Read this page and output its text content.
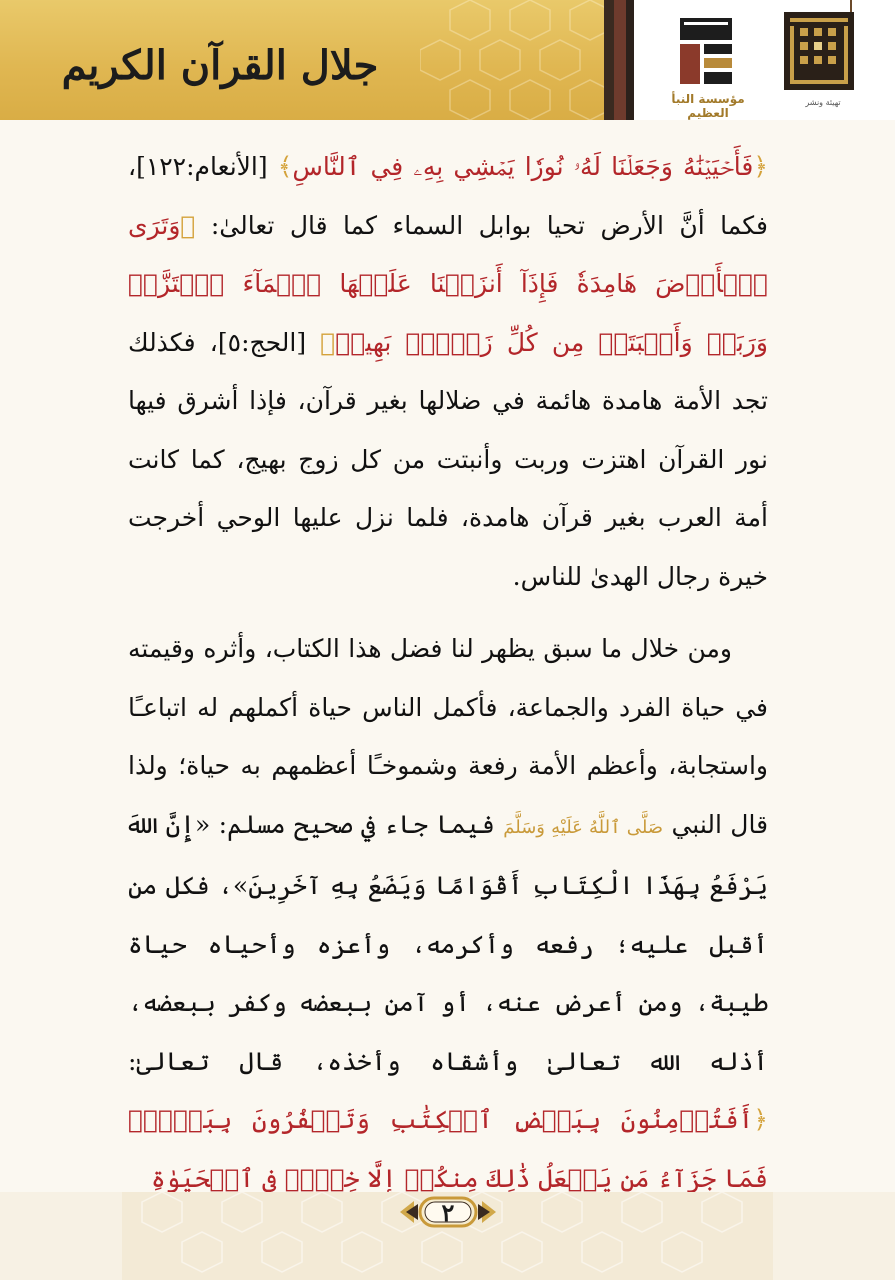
جلال القرآن الكريم
مؤسسة النبأ العظيم
تهيئة ونشر

﴿فَأَحۡيَيۡنَٰهُ وَجَعَلۡنَا لَهُۥ نُورٗا يَمۡشِي بِهِۦ فِي ٱلنَّاسِ﴾ [الأنعام:١٢٢]، فكما أنَّ الأرض تحيا بوابل السماء كما قال تعالىٰ: ﴿وَتَرَى ٱلۡأَرۡضَ هَامِدَةٗ فَإِذَآ أَنزَلۡنَا عَلَيۡهَا ٱلۡمَآءَ ٱهۡتَزَّتۡ وَرَبَتۡ وَأَنۢبَتَتۡ مِن كُلِّ زَوۡجِۢ بَهِيجٖ﴾ [الحج:٥]، فكذلك تجد الأمة هامدة هائمة في ضلالها بغير قرآن، فإذا أشرق فيها نور القرآن اهتزت وربت وأنبتت من كل زوج بهيج، كما كانت أمة العرب بغير قرآن هامدة، فلما نزل عليها الوحي أخرجت خيرة رجال الهدىٰ للناس.

ومن خلال ما سبق يظهر لنا فضل هذا الكتاب، وأثره وقيمته في حياة الفرد والجماعة، فأكمل الناس حياة أكملهم له اتباعـًا واستجابة، وأعظم الأمة رفعة وشموخـًا أعظمهم به حياة؛ ولذا قال النبي صَلَّى ٱللَّهُ عَلَيْهِ وَسَلَّمَ فيما جاء في صحيح مسلم: «إِنَّ اللهَ يَرْفَعُ بِهَذَا الْكِتَابِ أَقْوَامًا وَيَضَعُ بِهِ آخَرِينَ»، فكل من أقبل عليه؛ رفعه وأكرمه، وأعزه وأحياه حياة طيبة، ومن أعرض عنه، أو آمن ببعضه وكفر ببعضه، أذله الله تعالىٰ وأشقاه وأخذه، قال تعالىٰ: ﴿أَفَتُؤۡمِنُونَ بِبَعۡضِ ٱلۡكِتَٰبِ وَتَكۡفُرُونَ بِبَعۡضٖۚ فَمَا جَزَآءُ مَن يَفۡعَلُ ذَٰلِكَ مِنكُمۡ إِلَّا خِزۡيٞ فِي ٱلۡحَيَوٰةِ

٢
